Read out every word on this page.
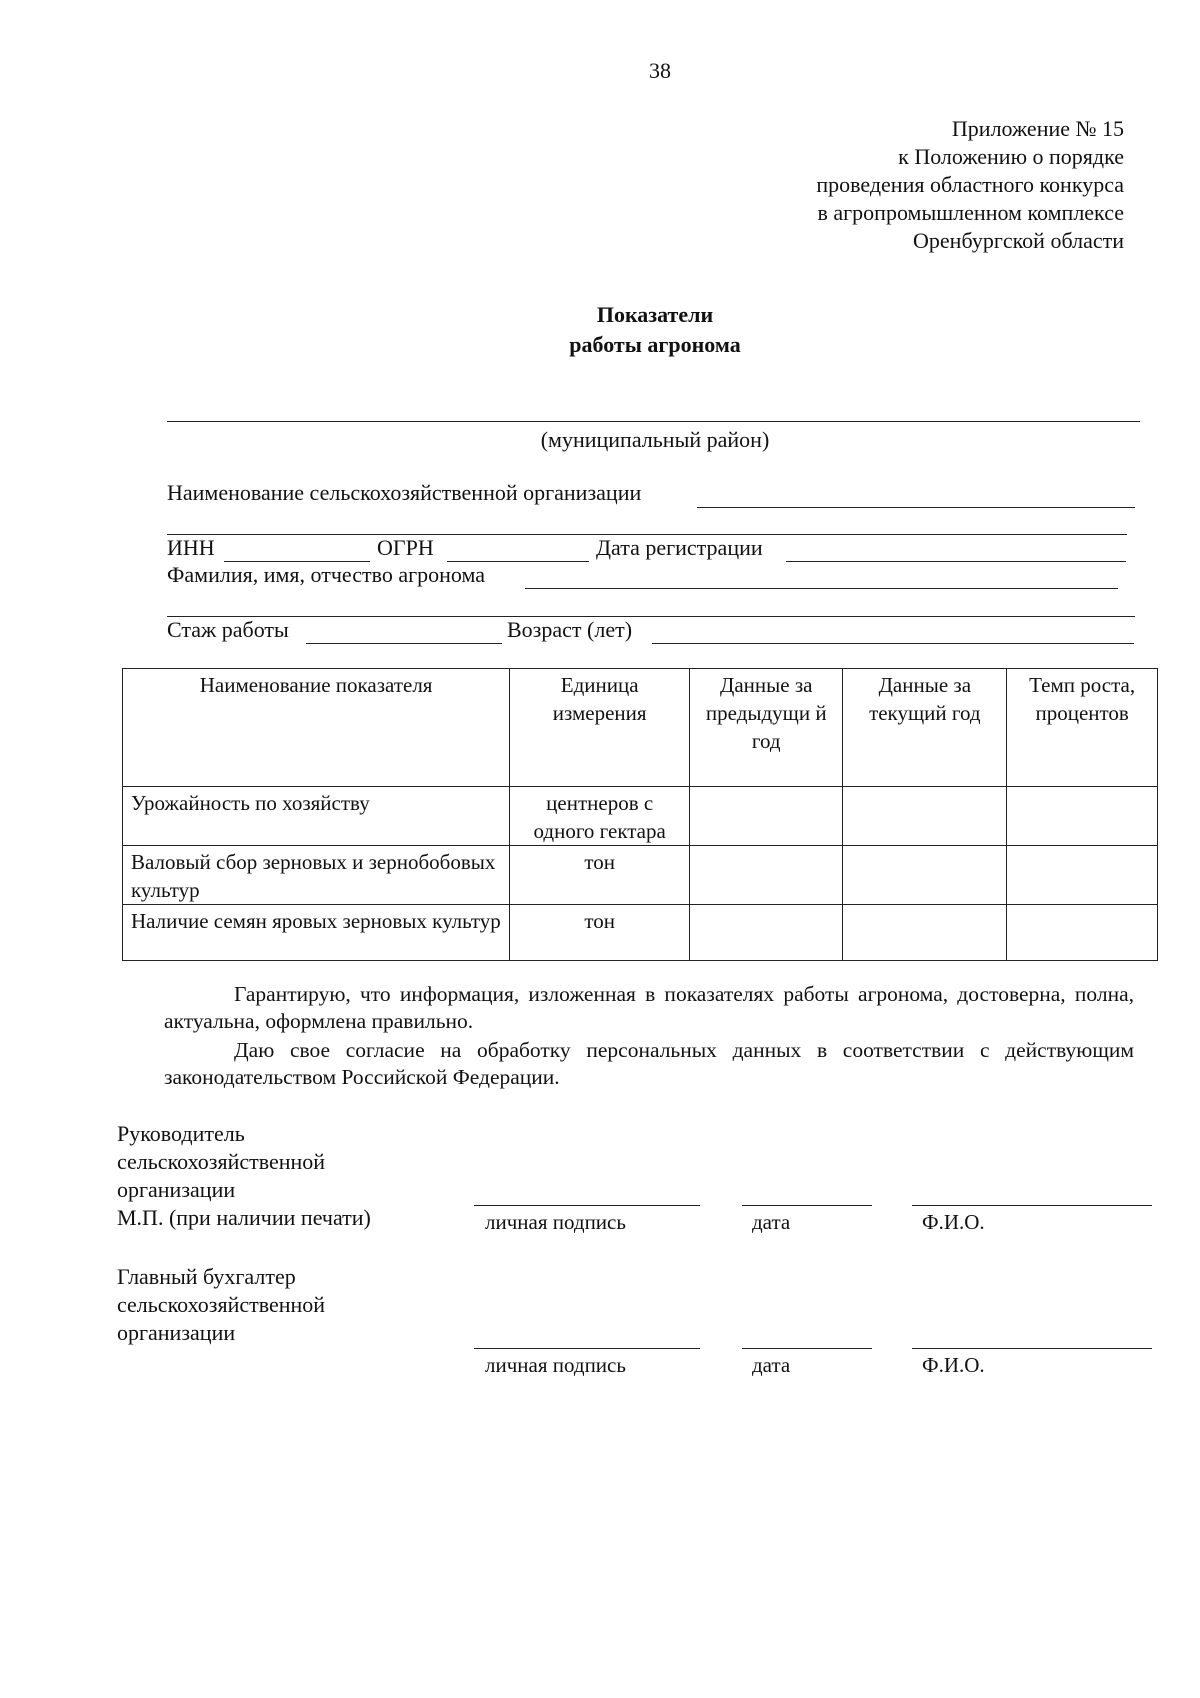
38
Приложение № 15
к Положению о порядке
проведения областного конкурса
в агропромышленном комплексе
Оренбургской области
Показатели
работы агронома
(муниципальный район)
Наименование сельскохозяйственной организации
ИНН	ОГРН	Дата регистрации
Фамилия, имя, отчество агронома
Стаж работы	Возраст (лет)
Наименование показателя	Единица измерения	Данные за предыдущи й год	Данные за текущий год	Темп роста, процентов
Урожайность по хозяйству	центнеров с одного гектара			
Валовый сбор зерновых и зернобобовых культур	тон			
Наличие семян яровых зерновых культур	тон			
Гарантирую, что информация, изложенная в показателях работы агронома, достоверна, полна, актуальна, оформлена правильно.
Даю свое согласие на обработку персональных данных в соответствии с действующим законодательством Российской Федерации.
Руководитель
сельскохозяйственной
организации
М.П. (при наличии печати)	личная подпись	дата	Ф.И.О.
Главный бухгалтер
сельскохозяйственной
организации
личная подпись	дата	Ф.И.О.
